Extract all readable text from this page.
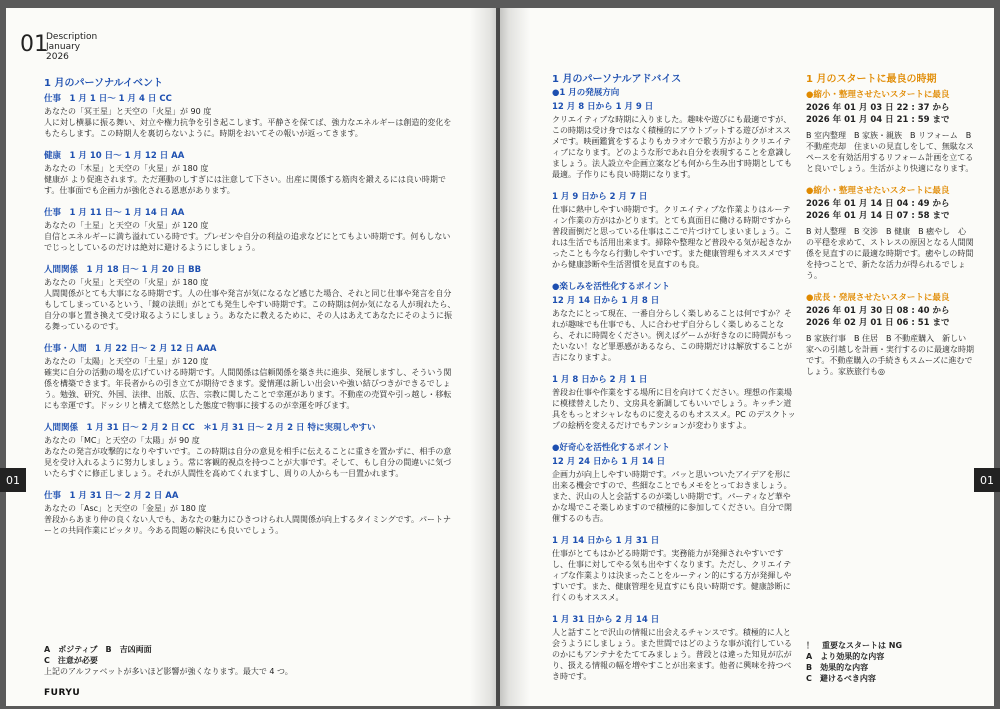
01
Description
January
2026
01
1 月のパーソナルイベント
仕事　1 月 1 日〜 1 月 4 日 CC

あなたの「冥王星」と天空の「火星」が 90 度

人に対し横暴に振る舞い、対立や権力抗争を引き起こします。平静さを保てば、強力なエネルギーは創造的変化をもたらします。この時期人を裏切らないように。時期をおいてその報いが返ってきます。

健康　1 月 10 日〜 1 月 12 日 AA

あなたの「木星」と天空の「火星」が 180 度

健康が より促進されます。ただ運動のしすぎには注意して下さい。出産に関係する筋肉を鍛えるには良い時期です。仕事面でも企画力が強化される恩恵があります。

仕事　1 月 11 日〜 1 月 14 日 AA

あなたの「土星」と天空の「火星」が 120 度

自信とエネルギーに満ち溢れている時です。プレゼンや自分の利益の追求などにとてもよい時期です。何もしないでじっとしているのだけは絶対に避けるようにしましょう。

人間関係　1 月 18 日〜 1 月 20 日 BB

あなたの「火星」と天空の「火星」が 180 度

人間関係がとても大事になる時期です。人の仕事や発言が気になるなど感じた場合、それと同じ仕事や発言を自分もしてしまっているという、「鏡の法則」がとても発生しやすい時期です。この時期は何か気になる人が現れたら、自分の事と置き換えて受け取るようにしましょう。あなたに教えるために、その人はあえてあなたにそのように振る舞っているのです。

仕事・人間　1 月 22 日〜 2 月 12 日 AAA

あなたの「太陽」と天空の「土星」が 120 度

確実に自分の活動の場を広げていける時期です。人間関係は信頼関係を築き共に進歩、発展しますし、そういう関係を構築できます。年長者からの引き立てが期待できます。愛情運は新しい出会いや強い結びつきができるでしょう。勉強、研究、外国、法律、出版、広告、宗教に関したことで幸運があります。不動産の売買や引っ越し・移転にも幸運です。ドッシリと構えて悠然とした態度で物事に接するのが幸運を呼びます。

人間関係　1 月 31 日〜 2 月 2 日 CC　＊1 月 31 日〜 2 月 2 日 特に実現しやすい

あなたの「MC」と天空の「太陽」が 90 度

あなたの発言が攻撃的になりやすいです。この時期は自分の意見を相手に伝えることに重きを置かずに、相手の意見を受け入れるように努力しましょう。常に客観的視点を持つことが大事です。そして、もし自分の間違いに気づいたらすぐに修正しましょう。それが人間性を高めてくれますし、周りの人からも一目置かれます。

仕事　1 月 31 日〜 2 月 2 日 AA

あなたの「Asc」と天空の「金星」が 180 度

普段からあまり仲の良くない人でも、あなたの魅力にひきつけられ人間関係が向上するタイミングです。パートナーとの共同作業にピッタリ。今ある問題の解決にも良いでしょう。

A　ポジティブ　B　吉凶両面
C　注意が必要
上記のアルファベットが多いほど影響が強くなります。最大で 4 つ。
FURYU
01
1 月のパーソナルアドバイス
●1 月の発展方向
12 月 8 日から 1 月 9 日

クリエイティブな時期に入りました。趣味や遊びにも最適ですが、この時期は受け身ではなく積極的にアウトプットする遊びがオススメです。映画鑑賞をするよりもカラオケで歌う方がよりクリエイティブになります。どのような形であれ自分を表現することを意識しましょう。法人設立や企画立案なども何から生み出す時期としても最適。子作りにも良い時期になります。

1 月 9 日から 2 月 7 日

仕事に熱中しやすい時期です。クリエイティブな作業よりはルーティン作業の方がはかどります。とても真面目に働ける時期ですから普段面倒だと思っている仕事はここで片づけてしまいましょう。これは生活でも活用出来ます。掃除や整理など普段やる気が起きなかったことも今なら行動しやすいです。また健康管理もオススメですから健康診断や生活習慣を見直すのも良。

●楽しみを活性化するポイント
12 月 14 日から 1 月 8 日

あなたにとって現在、一番自分らしく楽しめることは何ですか？それが趣味でも仕事でも、人に合わせず自分らしく楽しめることなら、それに時間をください。例えばゲームが好きなのに時間がもったいない！など罪悪感があるなら、この時期だけは解放することが吉になりますよ。

1 月 8 日から 2 月 1 日

普段お仕事や作業をする場所に目を向けてください。理想の作業場に模様替えしたり、文房具を新調してもいいでしょう。キッチン道具をもっとオシャレなものに変えるのもオススメ。PC のデスクトップの絵柄を変えるだけでもテンションが変わりますよ。

●好奇心を活性化するポイント
12 月 24 日から 1 月 14 日

企画力が向上しやすい時期です。パッと思いついたアイデアを形に出来る機会ですので、些細なことでもメモをとっておきましょう。また、沢山の人と会話するのが楽しい時期です。パーティなど華やかな場でこそ楽しめますので積極的に参加してください。自分で開催するのも吉。

1 月 14 日から 1 月 31 日

仕事がとてもはかどる時期です。実務能力が発揮されやすいですし、仕事に対してやる気も出やすくなります。ただし、クリエイティブな作業よりは決まったことをルーティン的にする方が発揮しやすいです。また、健康管理を見直すにも良い時期です。健康診断に行くのもオススメ。

1 月 31 日から 2 月 14 日

人と話すことで沢山の情報に出会えるチャンスです。積極的に人と会うようにしましょう。また世間ではどのような事が流行しているのかにもアンテナをたててみましょう。普段とは違った知見が広がり、扱える情報の幅を増やすことが出来ます。他者に興味を持つべき時です。

1 月のスタートに最良の時期
●縮小・整理させたいスタートに最良

2026 年 01 月 03 日 22 : 37 から

2026 年 01 月 04 日 21 : 59 まで

B 室内整理　B 家族・親族　B リフォーム　B 不動産売却　住まいの見直しをして、無駄なスペースを有効活用するリフォーム計画を立てると良いでしょう。生活がより快適になります。

●縮小・整理させたいスタートに最良

2026 年 01 月 14 日 04 : 49 から

2026 年 01 月 14 日 07 : 58 まで

B 対人整理　B 交渉　B 健康　B 癒やし　心の平穏を求めて、ストレスの原因となる人間関係を見直すのに最適な時期です。癒やしの時間を持つことで、新たな活力が得られるでしょう。

●成長・発展させたいスタートに最良

2026 年 01 月 30 日 08 : 40 から

2026 年 02 月 01 日 06 : 51 まで

B 家族行事　B 住居　B 不動産購入　新しい家への引越しを計画・実行するのに最適な時期です。不動産購入の手続きもスムーズに進むでしょう。家族旅行も◎

！　重要なスタートは NG
A　より効果的な内容
B　効果的な内容
C　避けるべき内容
